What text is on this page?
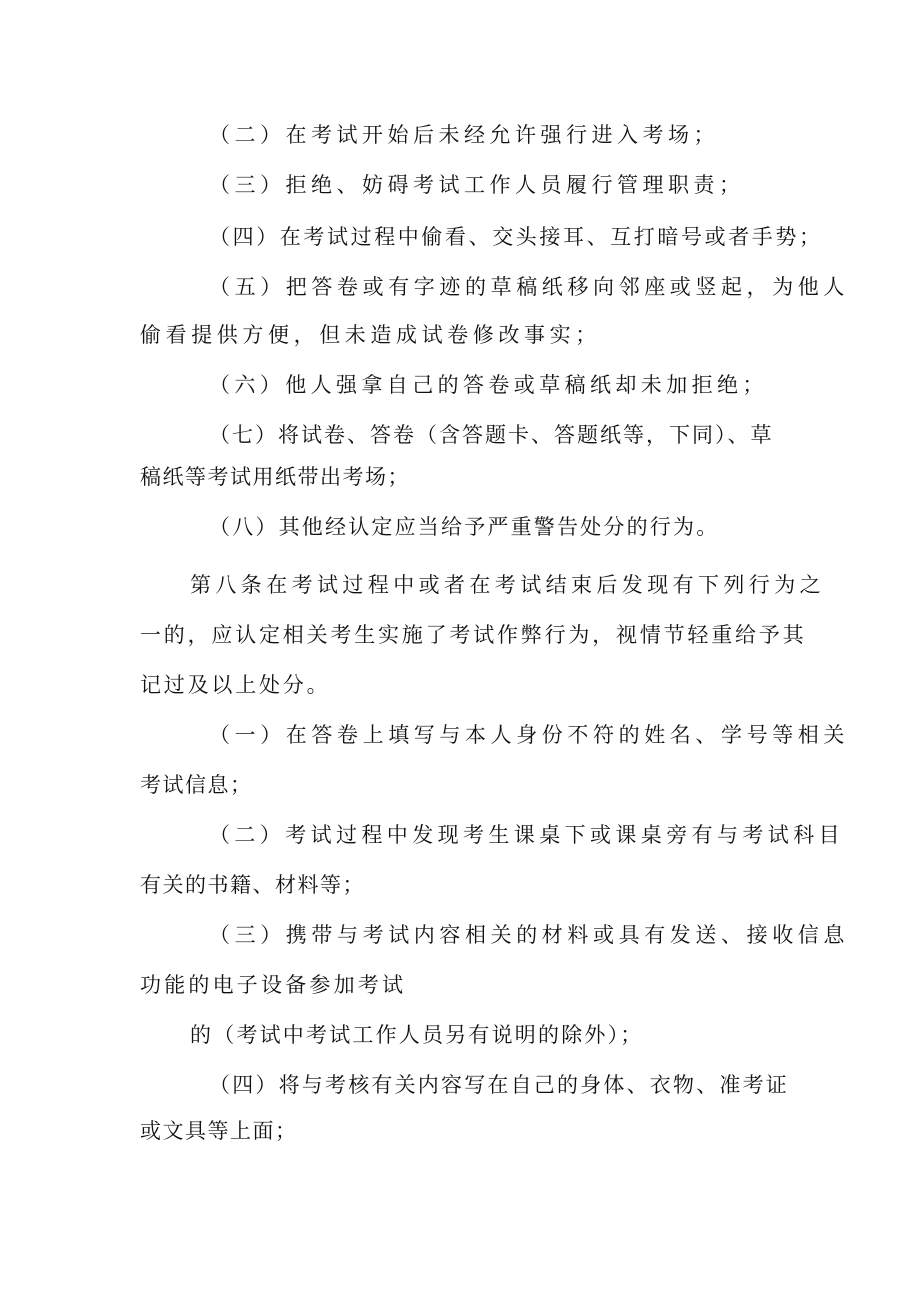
（二）在考试开始后未经允许强行进入考场；

（三）拒绝、妨碍考试工作人员履行管理职责；

（四）在考试过程中偷看、交头接耳、互打暗号或者手势；

（五）把答卷或有字迹的草稿纸移向邻座或竖起，为他人

偷看提供方便，但未造成试卷修改事实；

（六）他人强拿自己的答卷或草稿纸却未加拒绝；

（七）将试卷、答卷（含答题卡、答题纸等，下同）、草

稿纸等考试用纸带出考场；

（八）其他经认定应当给予严重警告处分的行为。

第八条在考试过程中或者在考试结束后发现有下列行为之

一的，应认定相关考生实施了考试作弊行为，视情节轻重给予其

记过及以上处分。

（一）在答卷上填写与本人身份不符的姓名、学号等相关

考试信息；

（二）考试过程中发现考生课桌下或课桌旁有与考试科目

有关的书籍、材料等；

（三）携带与考试内容相关的材料或具有发送、接收信息

功能的电子设备参加考试

的（考试中考试工作人员另有说明的除外）；

（四）将与考核有关内容写在自己的身体、衣物、准考证

或文具等上面；
